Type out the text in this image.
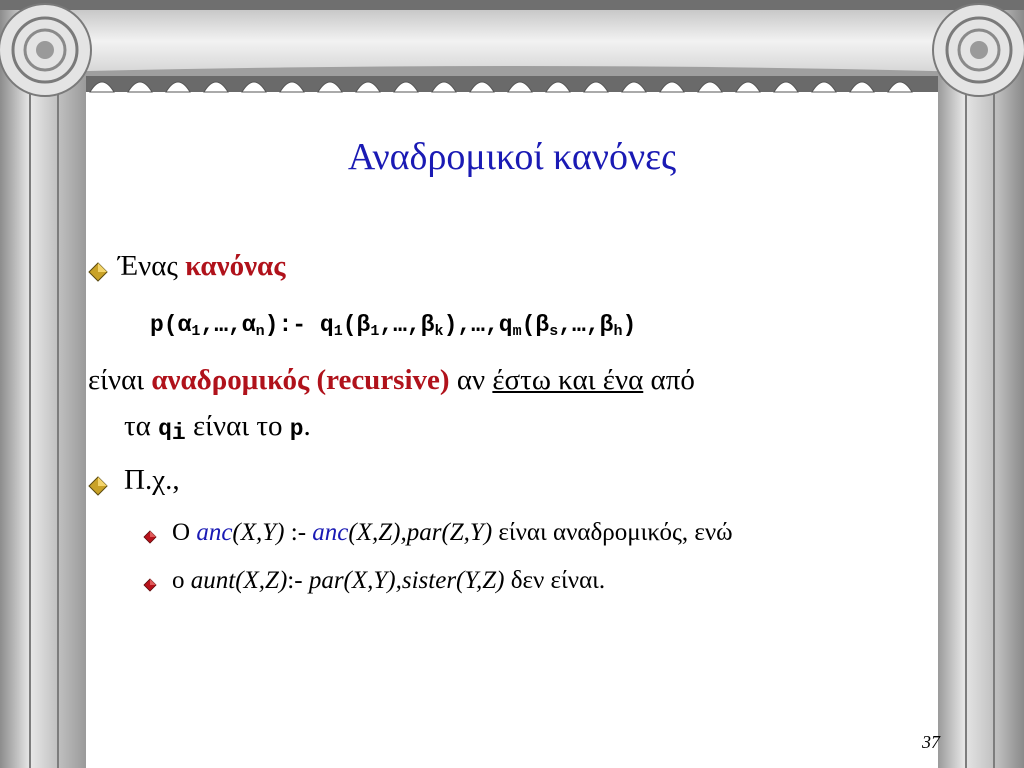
Αναδρομικοί κανόνες
Ένας κανόνας
$p(\alpha_1,\dots,\alpha_n):-$ $q_1(\beta_1,\dots,\beta_k),\dots,q_m(\beta_s,\dots,\beta_h)$
είναι αναδρομικός (recursive) αν έστω και ένα από
τα $q_i$ είναι το p.
Π.χ.,
Ο anc(X,Y) :- anc(X,Z),par(Z,Y) είναι αναδρομικός, ενώ
ο aunt(X,Z):- par(X,Y),sister(Y,Z) δεν είναι.
37
